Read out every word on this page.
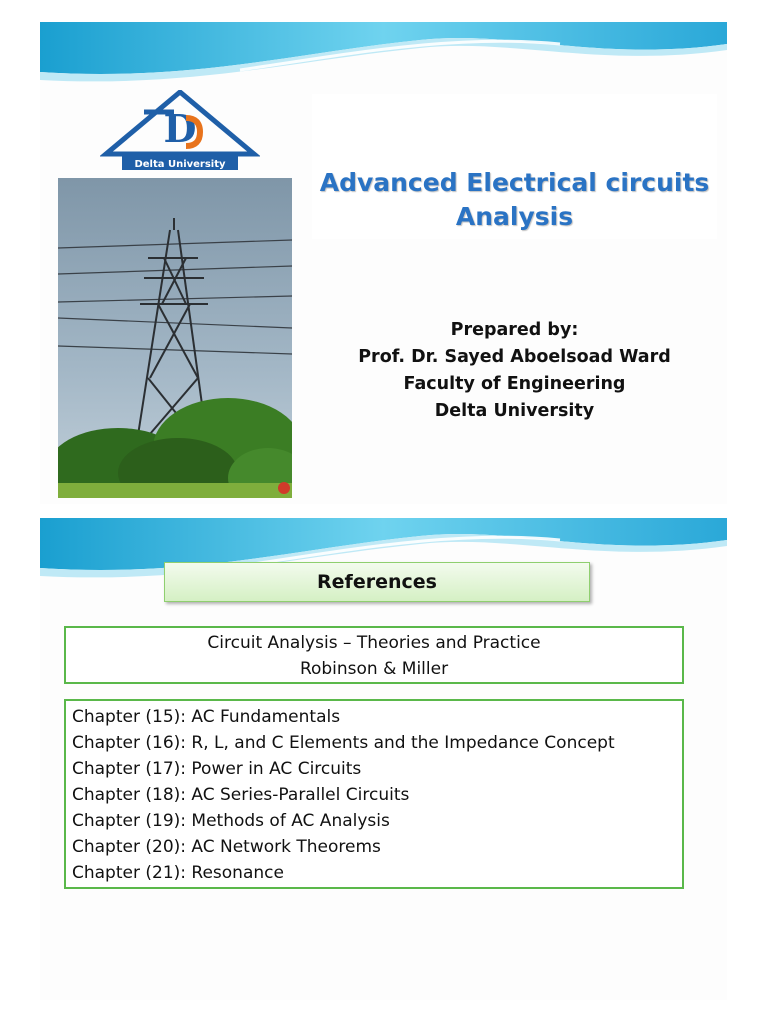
D
Delta University
Advanced Electrical circuits
Analysis
Prepared by:
Prof. Dr. Sayed Aboelsoad Ward
Faculty of Engineering
Delta University
References
Circuit Analysis – Theories and Practice
Robinson & Miller
Chapter (15): AC Fundamentals
Chapter (16): R, L, and C Elements and the Impedance Concept
Chapter (17): Power in AC Circuits
Chapter (18): AC Series-Parallel Circuits
Chapter (19): Methods of AC Analysis
Chapter (20): AC Network Theorems
Chapter (21): Resonance
